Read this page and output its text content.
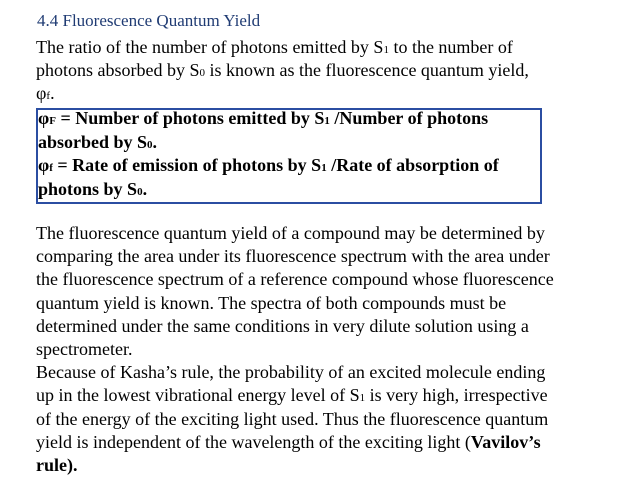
4.4 Fluorescence Quantum Yield
The ratio of the number of photons emitted by S1 to the number of
photons absorbed by S0 is known as the fluorescence quantum yield,
φf.
φF = Number of photons emitted by S1 /Number of photons
absorbed by S0.
φf = Rate of emission of photons by S1 /Rate of absorption of
photons by S0.
The fluorescence quantum yield of a compound may be determined by
comparing the area under its fluorescence spectrum with the area under
the fluorescence spectrum of a reference compound whose fluorescence
quantum yield is known. The spectra of both compounds must be
determined under the same conditions in very dilute solution using a
spectrometer.
Because of Kasha’s rule, the probability of an excited molecule ending
up in the lowest vibrational energy level of S1 is very high, irrespective
of the energy of the exciting light used. Thus the fluorescence quantum
yield is independent of the wavelength of the exciting light (Vavilov’s
rule).
